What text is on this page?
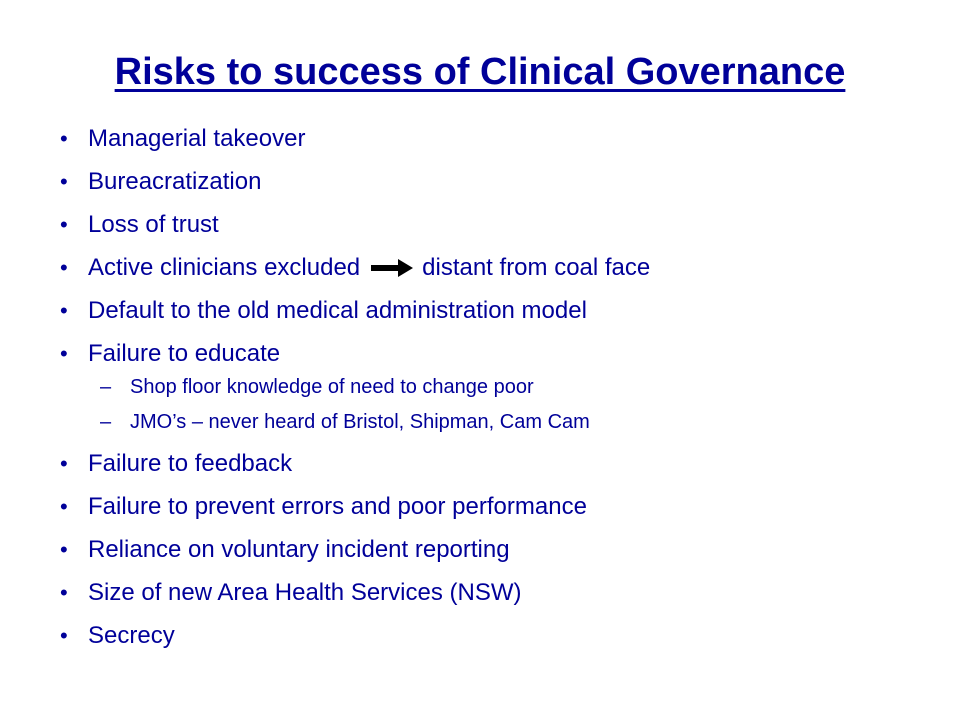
Risks to success of Clinical Governance
• Managerial takeover
• Bureacratization
• Loss of trust
• Active clinicians excluded	distant from coal face
• Default to the old medical administration model
• Failure to educate
– Shop floor knowledge of need to change poor
– JMO’s – never heard of Bristol, Shipman, Cam Cam
• Failure to feedback
• Failure to prevent errors and poor performance
• Reliance on voluntary incident reporting
• Size of new Area Health Services (NSW)
• Secrecy
